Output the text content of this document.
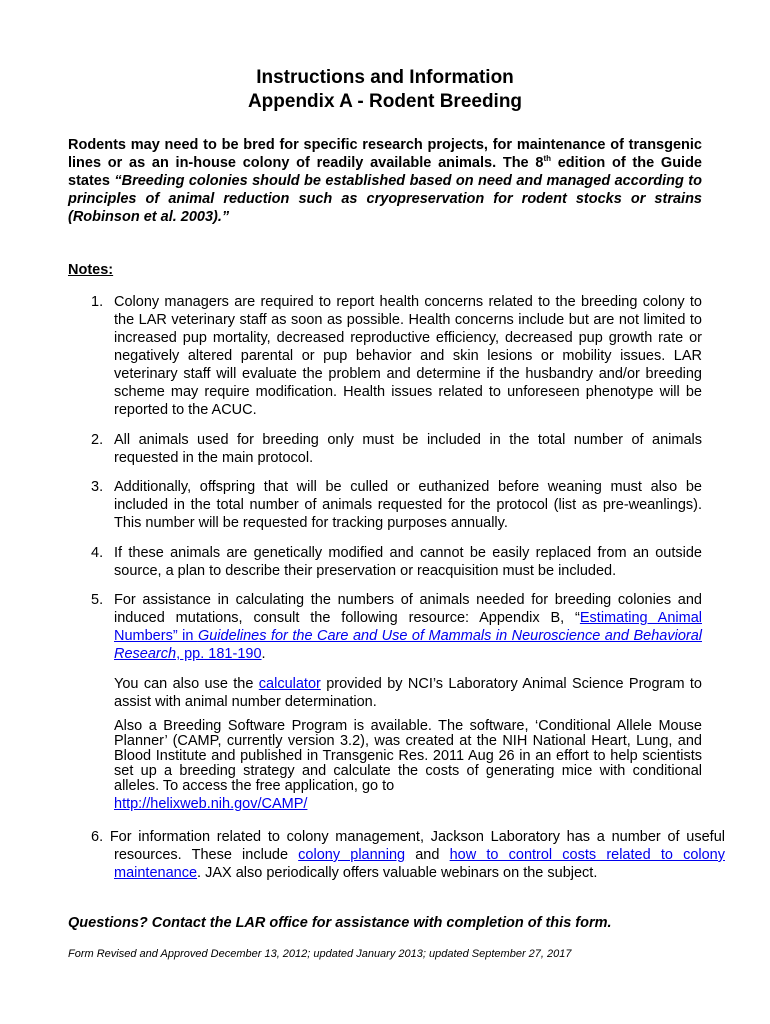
Instructions and Information
Appendix A - Rodent Breeding
Rodents may need to be bred for specific research projects, for maintenance of transgenic lines or as an in-house colony of readily available animals. The 8th edition of the Guide states “Breeding colonies should be established based on need and managed according to principles of animal reduction such as cryopreservation for rodent stocks or strains (Robinson et al. 2003).”
Notes:
1. Colony managers are required to report health concerns related to the breeding colony to the LAR veterinary staff as soon as possible. Health concerns include but are not limited to increased pup mortality, decreased reproductive efficiency, decreased pup growth rate or negatively altered parental or pup behavior and skin lesions or mobility issues. LAR veterinary staff will evaluate the problem and determine if the husbandry and/or breeding scheme may require modification. Health issues related to unforeseen phenotype will be reported to the ACUC.
2. All animals used for breeding only must be included in the total number of animals requested in the main protocol.
3. Additionally, offspring that will be culled or euthanized before weaning must also be included in the total number of animals requested for the protocol (list as pre-weanlings). This number will be requested for tracking purposes annually.
4. If these animals are genetically modified and cannot be easily replaced from an outside source, a plan to describe their preservation or reacquisition must be included.
5. For assistance in calculating the numbers of animals needed for breeding colonies and induced mutations, consult the following resource: Appendix B, “Estimating Animal Numbers” in Guidelines for the Care and Use of Mammals in Neuroscience and Behavioral Research, pp. 181-190.
You can also use the calculator provided by NCI’s Laboratory Animal Science Program to assist with animal number determination.
Also a Breeding Software Program is available. The software, ‘Conditional Allele Mouse Planner’ (CAMP, currently version 3.2), was created at the NIH National Heart, Lung, and Blood Institute and published in Transgenic Res. 2011 Aug 26 in an effort to help scientists set up a breeding strategy and calculate the costs of generating mice with conditional alleles. To access the free application, go to
http://helixweb.nih.gov/CAMP/
6. For information related to colony management, Jackson Laboratory has a number of useful resources. These include colony planning and how to control costs related to colony maintenance. JAX also periodically offers valuable webinars on the subject.
Questions? Contact the LAR office for assistance with completion of this form.
Form Revised and Approved December 13, 2012; updated January 2013; updated September 27, 2017
